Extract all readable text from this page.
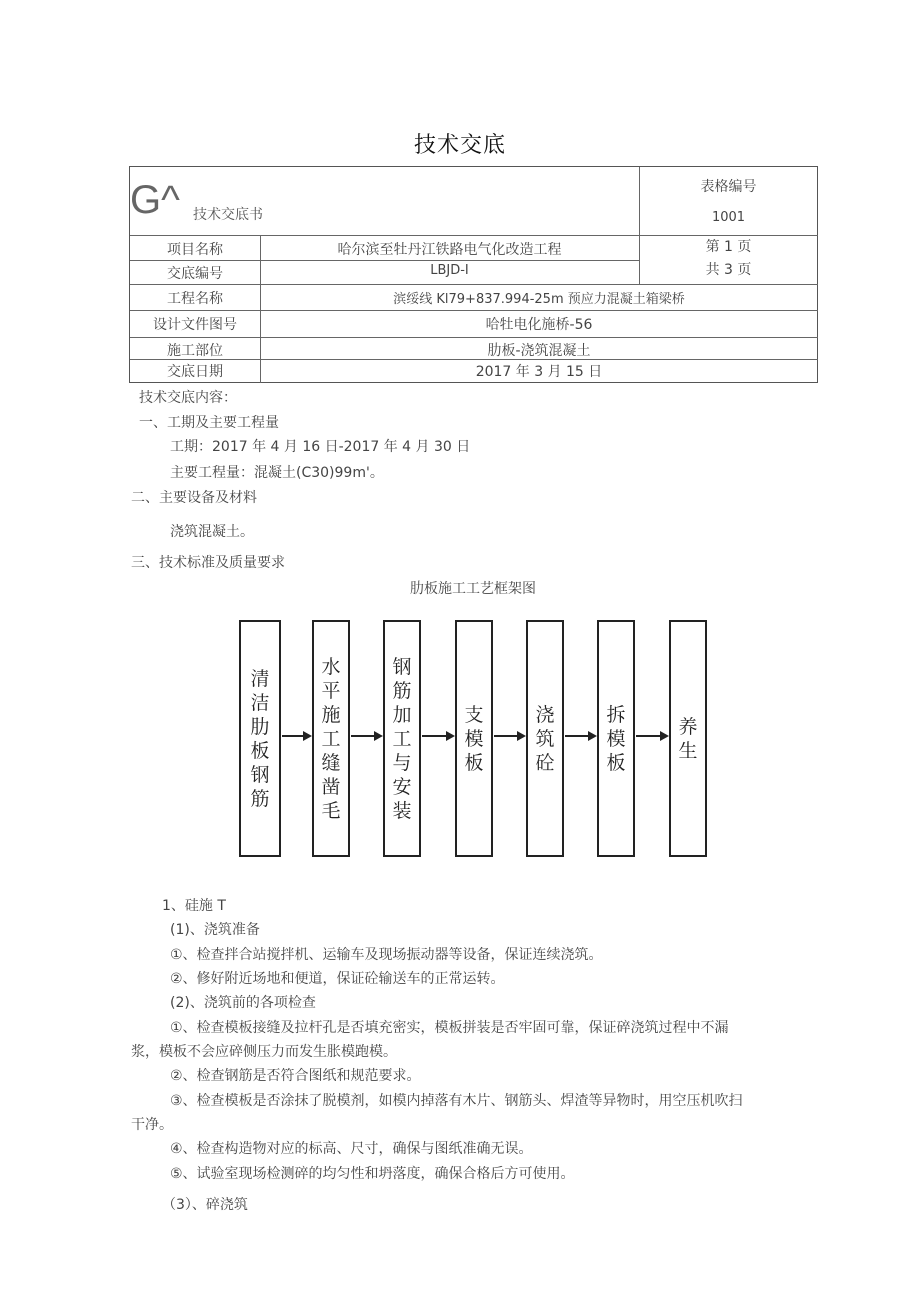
技术交底
G^ 技术交底书
表格编号
1001
第 1 页
共 3 页
项目名称	哈尔滨至牡丹江铁路电气化改造工程
交底编号	LBJD-I
工程名称	滨绥线 Kl79+837.994-25m 预应力混凝土箱梁桥
设计文件图号	哈牡电化施桥-56
施工部位	肋板-浇筑混凝土
交底日期	2017 年 3 月 15 日
技术交底内容：
一、工期及主要工程量
工期：2017 年 4 月 16 日-2017 年 4 月 30 日
主要工程量：混凝土(C30)99m'。
二、主要设备及材料
浇筑混凝土。
三、技术标准及质量要求
肋板施工工艺框架图
清
洁
肋
板
钢
筋
水
平
施
工
缝
凿
毛
钢
筋
加
工
与
安
装
支
模
板
浇
筑
砼
拆
模
板
养
生
1、硅施 T
(1)、浇筑准备
①、检查拌合站搅拌机、运输车及现场振动器等设备，保证连续浇筑。
②、修好附近场地和便道，保证砼输送车的正常运转。
(2)、浇筑前的各项检查
①、检查模板接缝及拉杆孔是否填充密实，模板拼装是否牢固可靠，保证碎浇筑过程中不漏
浆，模板不会应碎侧压力而发生胀模跑模。
②、检查钢筋是否符合图纸和规范要求。
③、检查模板是否涂抹了脱模剂，如模内掉落有木片、钢筋头、焊渣等异物时，用空压机吹扫
干净。
④、检查构造物对应的标高、尺寸，确保与图纸准确无误。
⑤、试验室现场检测碎的均匀性和坍落度，确保合格后方可使用。
（3）、碎浇筑
